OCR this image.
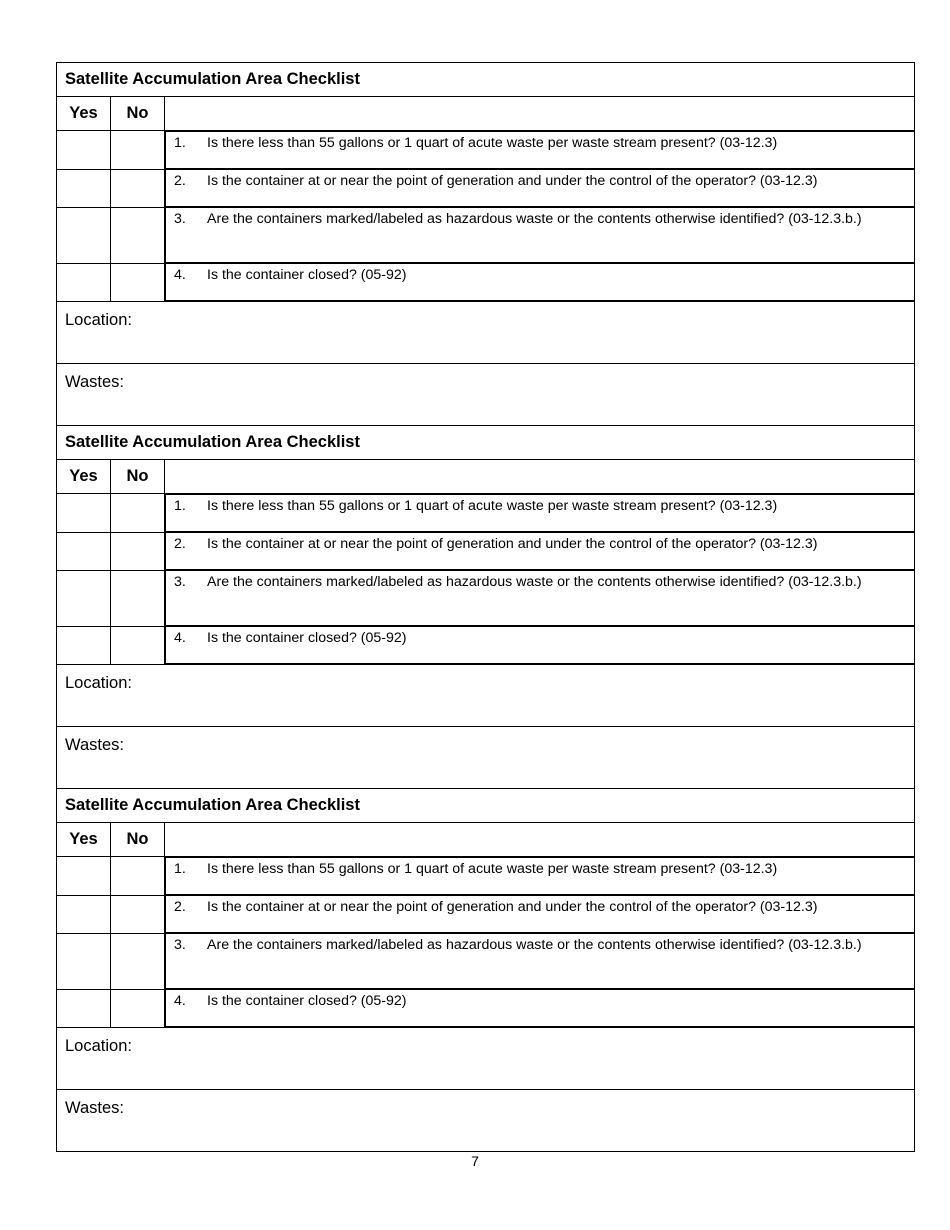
Satellite Accumulation Area Checklist		
Yes	No	

1.	Is there less than 55 gallons or 1 quart of acute waste per waste stream present? (03-12.3)

2.	Is the container at or near the point of generation and under the control of the operator? (03-12.3)

3.	Are the containers marked/labeled as hazardous waste or the contents otherwise identified? (03-12.3.b.)

4.	Is the container closed? (05-92)

Location:		
Wastes:		
Satellite Accumulation Area Checklist		
Yes	No	

1.	Is there less than 55 gallons or 1 quart of acute waste per waste stream present? (03-12.3)

2.	Is the container at or near the point of generation and under the control of the operator? (03-12.3)

3.	Are the containers marked/labeled as hazardous waste or the contents otherwise identified? (03-12.3.b.)

4.	Is the container closed? (05-92)

Location:		
Wastes:		
Satellite Accumulation Area Checklist		
Yes	No	

1.	Is there less than 55 gallons or 1 quart of acute waste per waste stream present? (03-12.3)

2.	Is the container at or near the point of generation and under the control of the operator? (03-12.3)

3.	Are the containers marked/labeled as hazardous waste or the contents otherwise identified? (03-12.3.b.)

4.	Is the container closed? (05-92)

Location:		
Wastes:		
7
